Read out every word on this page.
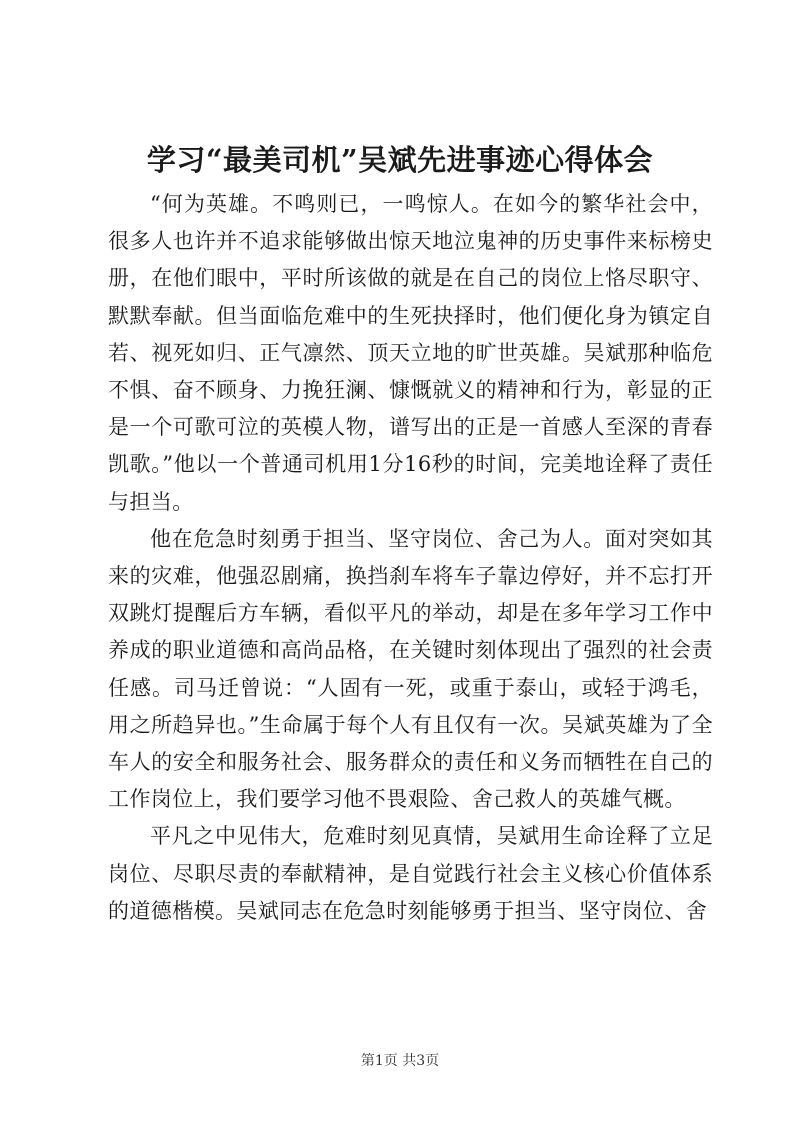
学习“最美司机”吴斌先进事迹心得体会

“何为英雄。不鸣则已，一鸣惊人。在如今的繁华社会中，很多人也许并不追求能够做出惊天地泣鬼神的历史事件来标榜史册，在他们眼中，平时所该做的就是在自己的岗位上恪尽职守、默默奉献。但当面临危难中的生死抉择时，他们便化身为镇定自若、视死如归、正气凛然、顶天立地的旷世英雄。吴斌那种临危不惧、奋不顾身、力挽狂澜、慷慨就义的精神和行为，彰显的正是一个可歌可泣的英模人物，谱写出的正是一首感人至深的青春凯歌。”他以一个普通司机用1分16秒的时间，完美地诠释了责任与担当。

他在危急时刻勇于担当、坚守岗位、舍己为人。面对突如其来的灾难，他强忍剧痛，换挡刹车将车子靠边停好，并不忘打开双跳灯提醒后方车辆，看似平凡的举动，却是在多年学习工作中养成的职业道德和高尚品格，在关键时刻体现出了强烈的社会责任感。司马迁曾说：“人固有一死，或重于泰山，或轻于鸿毛，用之所趋异也。”生命属于每个人有且仅有一次。吴斌英雄为了全车人的安全和服务社会、服务群众的责任和义务而牺牲在自己的工作岗位上，我们要学习他不畏艰险、舍己救人的英雄气概。

平凡之中见伟大，危难时刻见真情，吴斌用生命诠释了立足岗位、尽职尽责的奉献精神，是自觉践行社会主义核心价值体系的道德楷模。吴斌同志在危急时刻能够勇于担当、坚守岗位、舍

第1页 共3页
